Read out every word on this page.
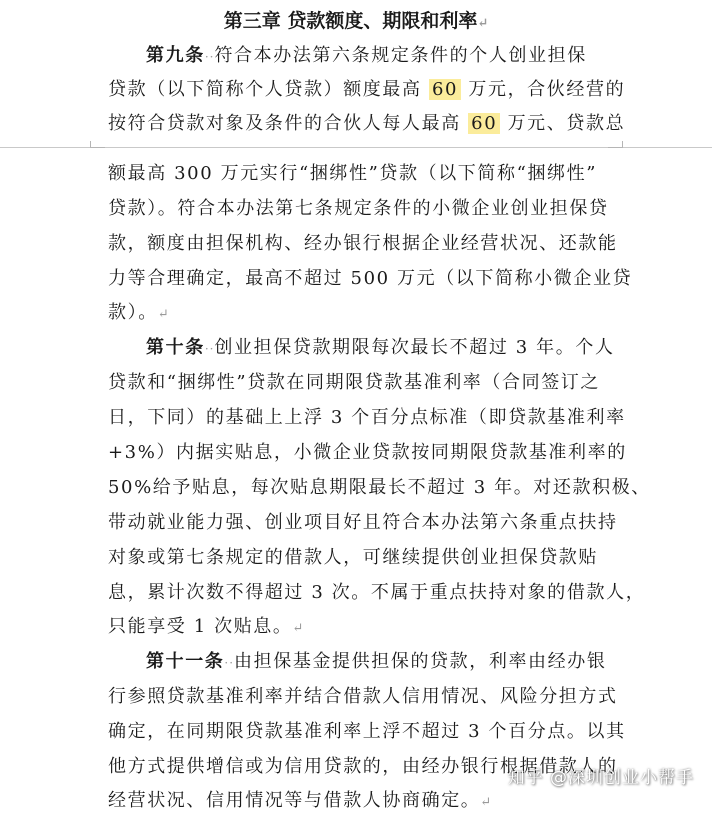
第三章 贷款额度、期限和利率↵
第九条··符合本办法第六条规定条件的个人创业担保
贷款（以下简称个人贷款）额度最高 60 万元，合伙经营的
按符合贷款对象及条件的合伙人每人最高 60 万元、贷款总
额最高 300 万元实行“捆绑性”贷款（以下简称“捆绑性”
贷款）。符合本办法第七条规定条件的小微企业创业担保贷
款，额度由担保机构、经办银行根据企业经营状况、还款能
力等合理确定，最高不超过 500 万元（以下简称小微企业贷
款）。↵
第十条··创业担保贷款期限每次最长不超过 3 年。个人
贷款和“捆绑性”贷款在同期限贷款基准利率（合同签订之
日，下同）的基础上上浮 3 个百分点标准（即贷款基准利率
+3%）内据实贴息，小微企业贷款按同期限贷款基准利率的
50%给予贴息，每次贴息期限最长不超过 3 年。对还款积极、
带动就业能力强、创业项目好且符合本办法第六条重点扶持
对象或第七条规定的借款人，可继续提供创业担保贷款贴
息，累计次数不得超过 3 次。不属于重点扶持对象的借款人，
只能享受 1 次贴息。↵
第十一条··由担保基金提供担保的贷款，利率由经办银
行参照贷款基准利率并结合借款人信用情况、风险分担方式
确定，在同期限贷款基准利率上浮不超过 3 个百分点。以其
他方式提供增信或为信用贷款的，由经办银行根据借款人的
经营状况、信用情况等与借款人协商确定。↵
知乎 @深圳创业小帮手
